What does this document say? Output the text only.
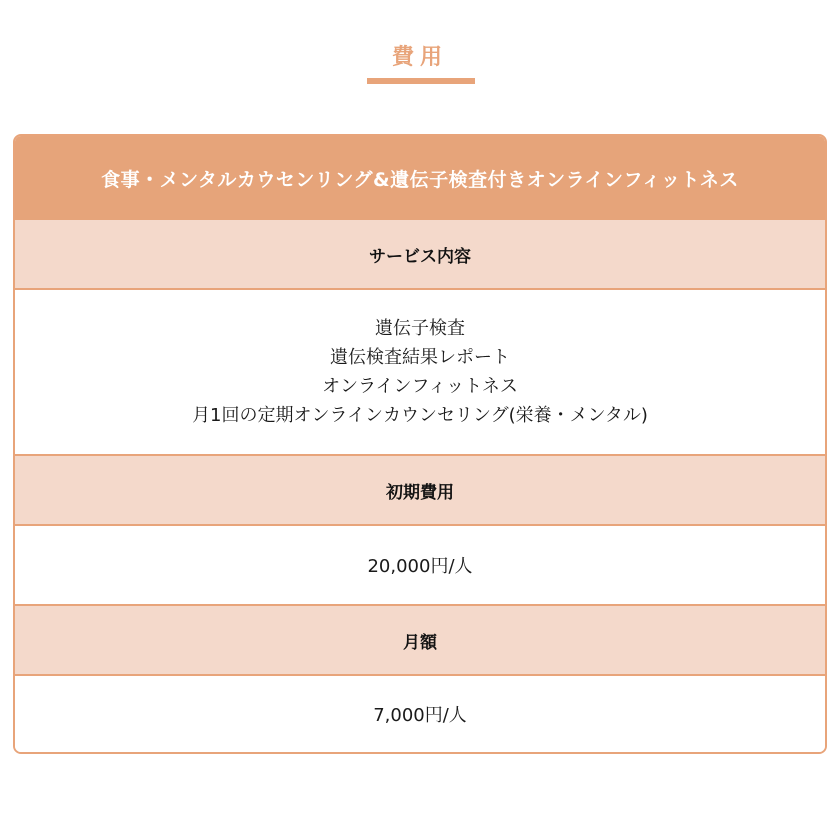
費用
食事・メンタルカウセンリング&遺伝子検査付きオンラインフィットネス
サービス内容
遺伝子検査
遺伝検査結果レポート
オンラインフィットネス
月1回の定期オンラインカウンセリング(栄養・メンタル)
初期費用
20,000円/人
月額
7,000円/人
